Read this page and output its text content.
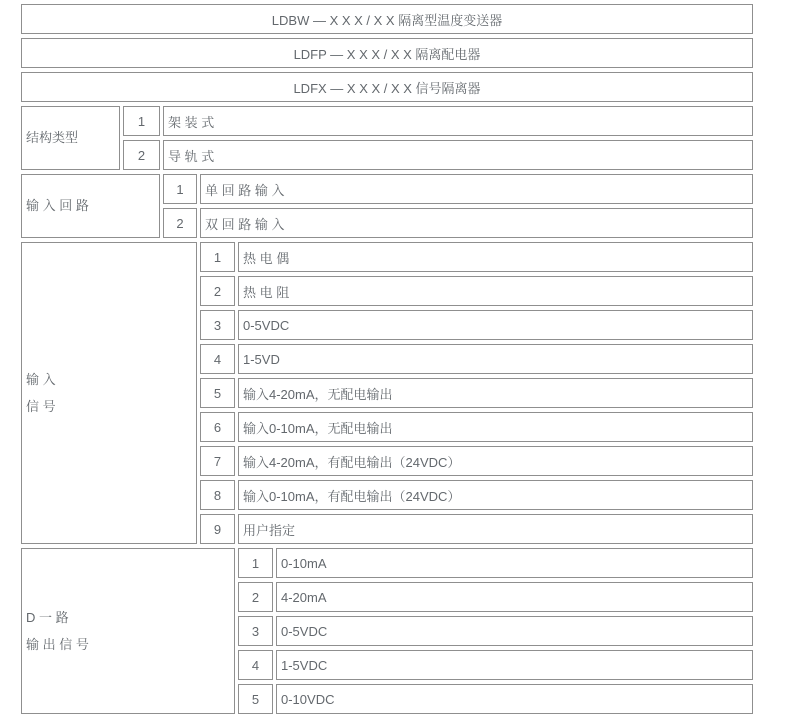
LDBW — X X X / X X 隔离型温度变送器					
LDFP — X X X / X X 隔离配电器					
LDFX — X X X / X X 信号隔离器					

结构类型	1	架 装 式			
	2	导 轨 式			

输 入 回 路		1	单 回 路 输 入		
		2	双 回 路 输 入		

输 入
信 号			1	热 电 偶	
			2	热 电 阻	
			3	0-5VDC	
			4	1-5VD	
			5	输入4-20mA，无配电输出	
			6	输入0-10mA，无配电输出	
			7	输入4-20mA，有配电输出（24VDC）	
			8	输入0-10mA，有配电输出（24VDC）	
			9	用户指定	

D 一 路
输 出 信 号				1	0-10mA
				2	4-20mA
				3	0-5VDC
				4	1-5VDC
				5	0-10VDC
